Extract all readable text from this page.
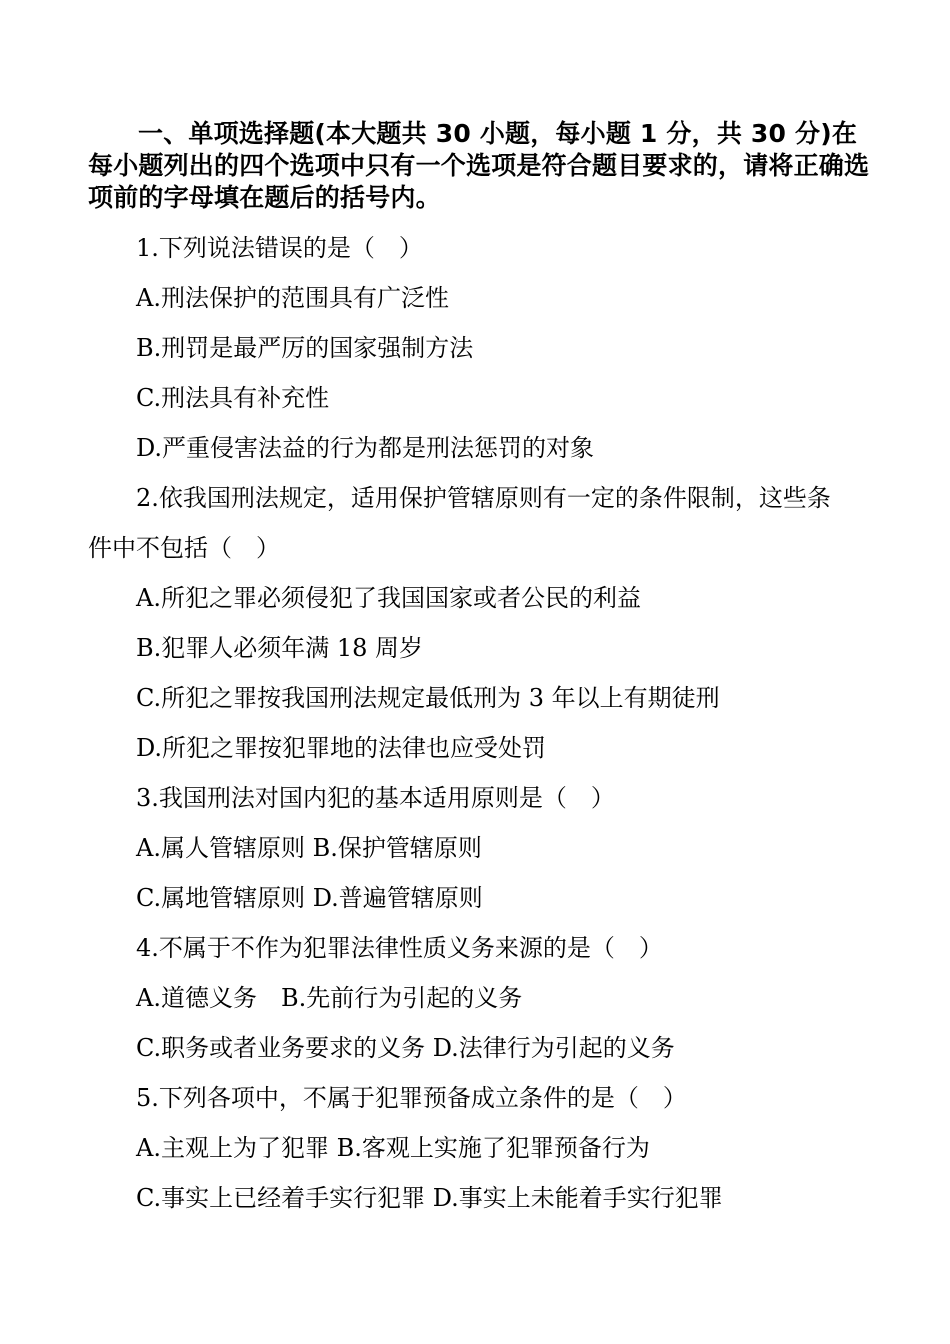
一、单项选择题(本大题共 30 小题，每小题 1 分，共 30 分)在每小题列出的四个选项中只有一个选项是符合题目要求的，请将正确选项前的字母填在题后的括号内。

1.下列说法错误的是（　）
A.刑法保护的范围具有广泛性
B.刑罚是最严厉的国家强制方法
C.刑法具有补充性
D.严重侵害法益的行为都是刑法惩罚的对象
2.依我国刑法规定，适用保护管辖原则有一定的条件限制，这些条
件中不包括（　）
A.所犯之罪必须侵犯了我国国家或者公民的利益
B.犯罪人必须年满 18 周岁
C.所犯之罪按我国刑法规定最低刑为 3 年以上有期徒刑
D.所犯之罪按犯罪地的法律也应受处罚
3.我国刑法对国内犯的基本适用原则是（　）
A.属人管辖原则 B.保护管辖原则
C.属地管辖原则 D.普遍管辖原则
4.不属于不作为犯罪法律性质义务来源的是（　）
A.道德义务　B.先前行为引起的义务
C.职务或者业务要求的义务 D.法律行为引起的义务
5.下列各项中，不属于犯罪预备成立条件的是（　）
A.主观上为了犯罪 B.客观上实施了犯罪预备行为
C.事实上已经着手实行犯罪 D.事实上未能着手实行犯罪
